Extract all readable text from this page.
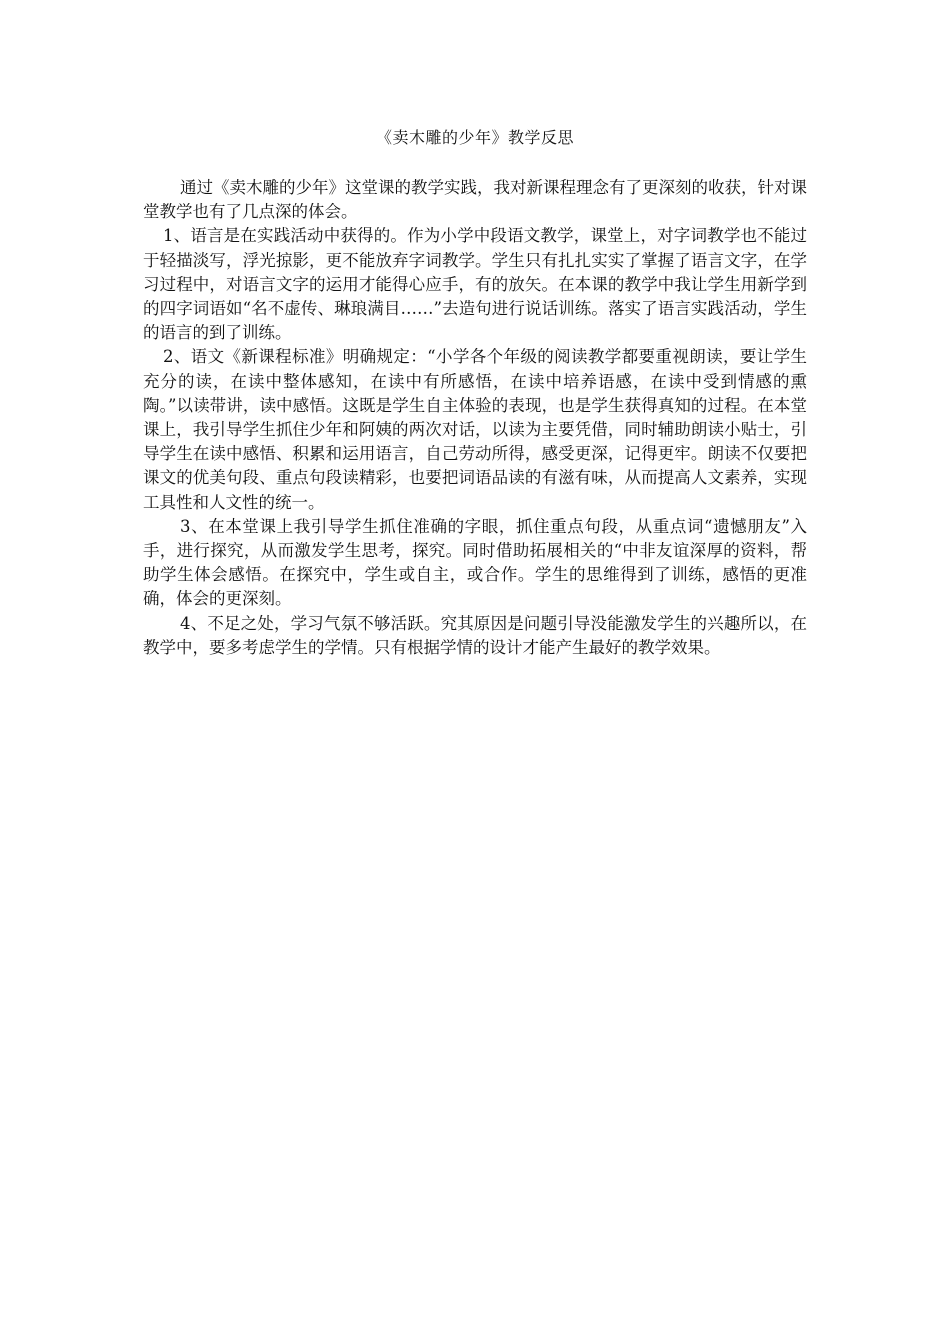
《卖木雕的少年》教学反思

通过《卖木雕的少年》这堂课的教学实践，我对新课程理念有了更深刻的收获，针对课堂教学也有了几点深的体会。

1、语言是在实践活动中获得的。作为小学中段语文教学，课堂上，对字词教学也不能过于轻描淡写，浮光掠影，更不能放弃字词教学。学生只有扎扎实实了掌握了语言文字，在学习过程中，对语言文字的运用才能得心应手，有的放矢。在本课的教学中我让学生用新学到的四字词语如“名不虚传、琳琅满目……”去造句进行说话训练。落实了语言实践活动，学生的语言的到了训练。

2、语文《新课程标准》明确规定：“小学各个年级的阅读教学都要重视朗读，要让学生充分的读，在读中整体感知，在读中有所感悟，在读中培养语感，在读中受到情感的熏陶。”以读带讲，读中感悟。这既是学生自主体验的表现，也是学生获得真知的过程。在本堂课上，我引导学生抓住少年和阿姨的两次对话，以读为主要凭借，同时辅助朗读小贴士，引导学生在读中感悟、积累和运用语言，自己劳动所得，感受更深，记得更牢。朗读不仅要把课文的优美句段、重点句段读精彩，也要把词语品读的有滋有味，从而提高人文素养，实现工具性和人文性的统一。

3、在本堂课上我引导学生抓住准确的字眼，抓住重点句段，从重点词“遗憾朋友”入手，进行探究，从而激发学生思考，探究。同时借助拓展相关的“中非友谊深厚的资料，帮助学生体会感悟。在探究中，学生或自主，或合作。学生的思维得到了训练，感悟的更准确，体会的更深刻。

4、不足之处，学习气氛不够活跃。究其原因是问题引导没能激发学生的兴趣所以，在教学中，要多考虑学生的学情。只有根据学情的设计才能产生最好的教学效果。
